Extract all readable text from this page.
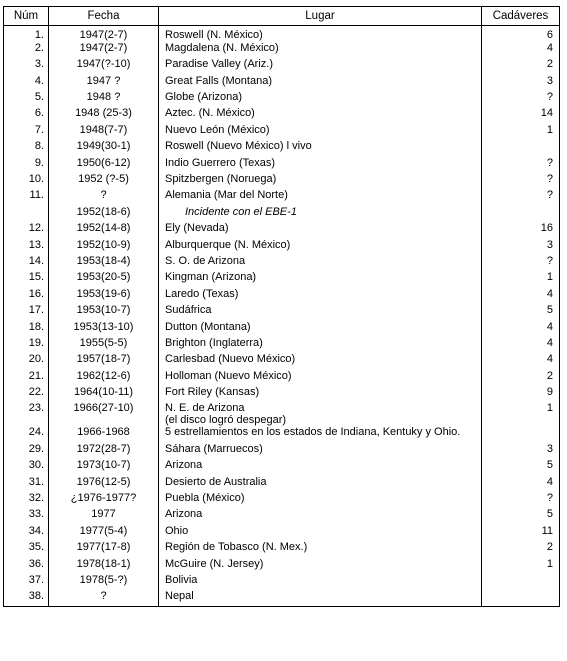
Núm	Fecha	Lugar	Cadáveres
1.	1947(2-7)	Roswell (N. México)	6
2.	1947(2-7)	Magdalena (N. México)	4
3.	1947(?-10)	Paradise Valley (Ariz.)	2
4.	1947 ?	Great Falls (Montana)	3
5.	1948 ?	Globe (Arizona)	?
6.	1948 (25-3)	Aztec. (N. México)	14
7.	1948(7-7)	Nuevo León (México)	1
8.	1949(30-1)	Roswell (Nuevo México) l vivo	

9.	1950(6-12)	Indio Guerrero (Texas)	?
10.	1952 (?-5)	Spitzbergen (Noruega)	?
11.	?	Alemania (Mar del Norte)	?
	1952(18-6)	Incidente con el EBE-1	

12.	1952(14-8)	Ely (Nevada)	16
13.	1952(10-9)	Alburquerque (N. México)	3
14.	1953(18-4)	S. O. de Arizona	?
15.	1953(20-5)	Kingman (Arizona)	1
16.	1953(19-6)	Laredo (Texas)	4
17.	1953(10-7)	Sudáfrica	5
18.	1953(13-10)	Dutton (Montana)	4
19.	1955(5-5)	Brighton (Inglaterra)	4
20.	1957(18-7)	Carlesbad (Nuevo México)	4
21.	1962(12-6)	Holloman (Nuevo México)	2
22.	1964(10-11)	Fort Riley (Kansas)	9
23.	1966(27-10)	N. E. de Arizona
(el disco logró despegar)	1
24.	1966-1968	5 estrellamientos en los estados de Indiana, Kentuky y Ohio.	

29.	1972(28-7)	Sáhara (Marruecos)	3
30.	1973(10-7)	Arizona	5
31.	1976(12-5)	Desierto de Australia	4
32.	¿1976-1977?	Puebla (México)	?
33.	1977	Arizona	5
34.	1977(5-4)	Ohio	11
35.	1977(17-8)	Región de Tobasco (N. Mex.)	2
36.	1978(18-1)	McGuire (N. Jersey)	1
37.	1978(5-?)	Bolivia	

38.	?	Nepal	
